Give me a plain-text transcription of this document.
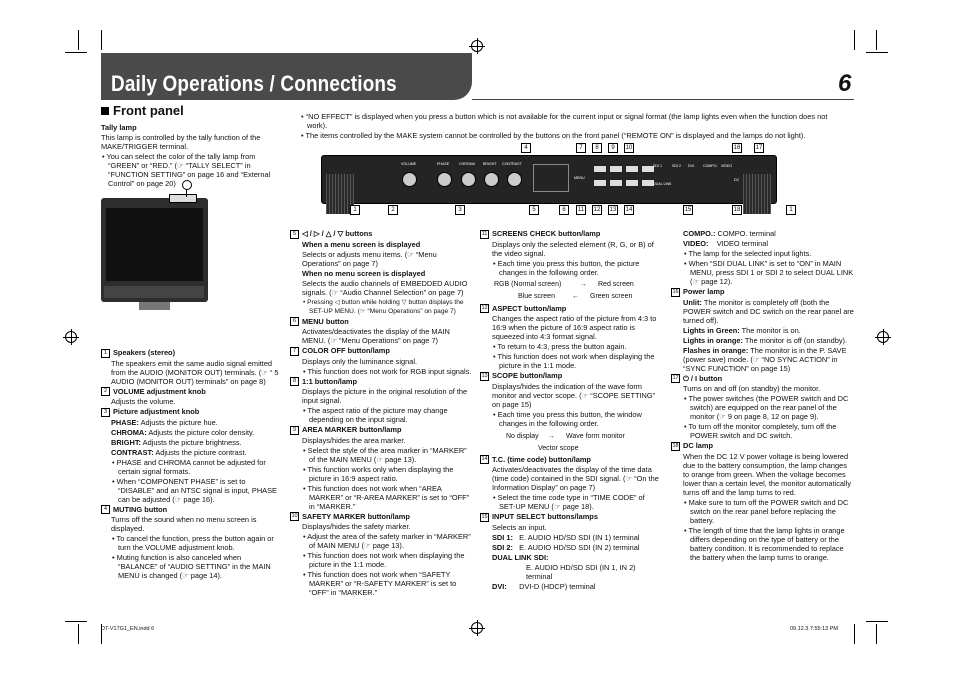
Daily Operations / Connections	6
Front panel

Tally lamp

This lamp is controlled by the tally function of the MAKE/TRIGGER terminal.

• You can select the color of the tally lamp from “GREEN” or “RED.” (☞ “TALLY SELECT” in “FUNCTION SETTING” on page 16 and “External Control” on page 20)

• “NO EFFECT” is displayed when you press a button which is not available for the current input or signal format (the lamp lights even when the function does not work).

• The items controlled by the MAKE system cannot be controlled by the buttons on the front panel (“REMOTE ON” is displayed and the lamps do not light).

VOLUME	PHASE	CHROMA BRIGHT CONTRAST
MENU
SDI 1	SDI 2 DVI	COMPO. VIDEO
DUAL LINK
DC
4	7	8	9	10	16	17
1	2	3	5	6	11	12 13 14	15	18	1

1 Speakers (stereo)

The speakers emit the same audio signal emitted from the AUDIO (MONITOR OUT) terminals. (☞ “ 5 AUDIO (MONITOR OUT) terminals” on page 8)

2 VOLUME adjustment knob

Adjusts the volume.

3 Picture adjustment knob

PHASE: Adjusts the picture hue.

CHROMA: Adjusts the picture color density.

BRIGHT: Adjusts the picture brightness.

CONTRAST: Adjusts the picture contrast.

• PHASE and CHROMA cannot be adjusted for certain signal formats.

• When “COMPONENT PHASE” is set to “DISABLE” and an NTSC signal is input, PHASE can be adjusted (☞ page 16).

4 MUTING button

Turns off the sound when no menu screen is displayed.

• To cancel the function, press the button again or turn the VOLUME adjustment knob.

• Muting function is also canceled when “BALANCE” of “AUDIO SETTING” in the MAIN MENU is changed (☞ page 14).

5 ◁ / ▷ / △ / ▽ buttons

When a menu screen is displayed

Selects or adjusts menu items. (☞ “Menu Operations” on page 7)

When no menu screen is displayed

Selects the audio channels of EMBEDDED AUDIO signals. (☞ “Audio Channel Selection” on page 7)

• Pressing ◁ button while holding ▽ button displays the SET-UP MENU. (☞ “Menu Operations” on page 7)

6 MENU button

Activates/deactivates the display of the MAIN MENU. (☞ “Menu Operations” on page 7)

7 COLOR OFF button/lamp

Displays only the luminance signal.

• This function does not work for RGB input signals.

8 1:1 button/lamp

Displays the picture in the original resolution of the input signal.

• The aspect ratio of the picture may change depending on the input signal.

9 AREA MARKER button/lamp

Displays/hides the area marker.

• Select the style of the area marker in “MARKER” of the MAIN MENU (☞ page 13).

• This function works only when displaying the picture in 16:9 aspect ratio.

• This function does not work when “AREA MARKER” or “R-AREA MARKER” is set to “OFF” in “MARKER.”

10 SAFETY MARKER button/lamp

Displays/hides the safety marker.

• Adjust the area of the safety marker in “MARKER” of MAIN MENU (☞ page 13).

• This function does not work when displaying the picture in the 1:1 mode.

• This function does not work when “SAFETY MARKER” or “R-SAFETY MARKER” is set to “OFF” in “MARKER.”

11 SCREENS CHECK button/lamp

Displays only the selected element (R, G, or B) of the video signal.

• Each time you press this button, the picture changes in the following order.

RGB (Normal screen)	→ Red screen
Blue screen ← Green screen

12 ASPECT button/lamp

Changes the aspect ratio of the picture from 4:3 to 16:9 when the picture of 16:9 aspect ratio is squeezed into 4:3 format signal.

• To return to 4:3, press the button again.

• This function does not work when displaying the picture in the 1:1 mode.

13 SCOPE button/lamp

Displays/hides the indication of the wave form monitor and vector scope. (☞ “SCOPE SETTING” on page 15)

• Each time you press this button, the window changes in the following order.

No display → Wave form monitor
Vector scope

14 T.C. (time code) button/lamp

Activates/deactivates the display of the time data (time code) contained in the SDI signal. (☞ “On the Information Display” on page 7)

• Select the time code type in “TIME CODE” of SET-UP MENU (☞ page 18).

15 INPUT SELECT buttons/lamps

Selects an input.

SDI 1: E. AUDIO HD/SD SDI (IN 1) terminal

SDI 2: E. AUDIO HD/SD SDI (IN 2) terminal

DUAL LINK SDI:

E. AUDIO HD/SD SDI (IN 1, IN 2) terminal

DVI: DVI-D (HDCP) terminal

COMPO.: COMPO. terminal

VIDEO: VIDEO terminal

• The lamp for the selected input lights.

• When “SDI DUAL LINK” is set to “ON” in MAIN MENU, press SDI 1 or SDI 2 to select DUAL LINK (☞ page 12).

16 Power lamp

Unlit: The monitor is completely off (both the POWER switch and DC switch on the rear panel are turned off).

Lights in Green: The monitor is on.

Lights in orange: The monitor is off (on standby).

Flashes in orange: The monitor is in the P. SAVE (power save) mode. (☞ “NO SYNC ACTION” in “SYNC FUNCTION” on page 15)

17 ⏻ / I button

Turns on and off (on standby) the monitor.

• The power switches (the POWER switch and DC switch) are equipped on the rear panel of the monitor (☞ 9 on page 8, 12 on page 9).

• To turn off the monitor completely, turn off the POWER switch and DC switch.

18 DC lamp

When the DC 12 V power voltage is being lowered due to the battery consumption, the lamp changes to orange from green. When the voltage becomes lower than a certain level, the monitor automatically turns off and the lamp turns to red.

• Make sure to turn off the POWER switch and DC switch on the rear panel before replacing the battery.

• The length of time that the lamp lights in orange differs depending on the type of battery or the battery condition. It is recommended to replace the battery when the lamp turns to orange.

DT-V17G1_EN.indd 6	09.12.3 7:55:13 PM
